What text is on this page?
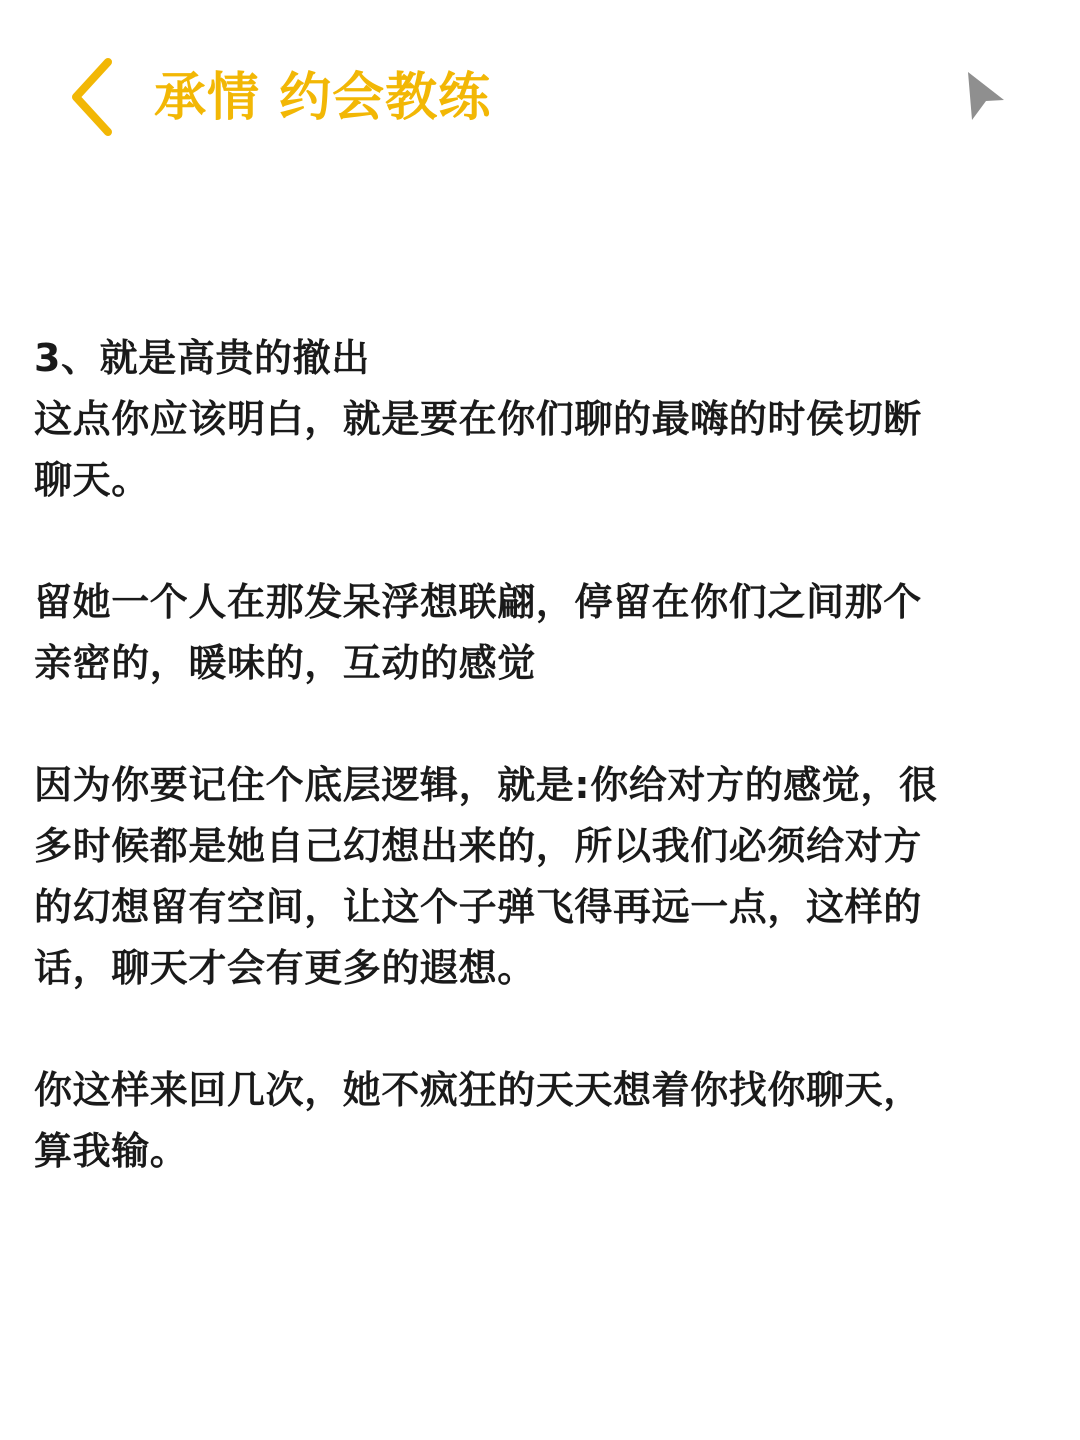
承情 约会教练
3、就是高贵的撤出
这点你应该明白，就是要在你们聊的最嗨的时侯切断
聊天。
留她一个人在那发呆浮想联翩，停留在你们之间那个
亲密的，暖味的，互动的感觉
因为你要记住个底层逻辑，就是:你给对方的感觉，很
多时候都是她自己幻想出来的，所以我们必须给对方
的幻想留有空间，让这个子弹飞得再远一点，这样的
话，聊天才会有更多的遐想。
你这样来回几次，她不疯狂的天天想着你找你聊天，
算我输。
